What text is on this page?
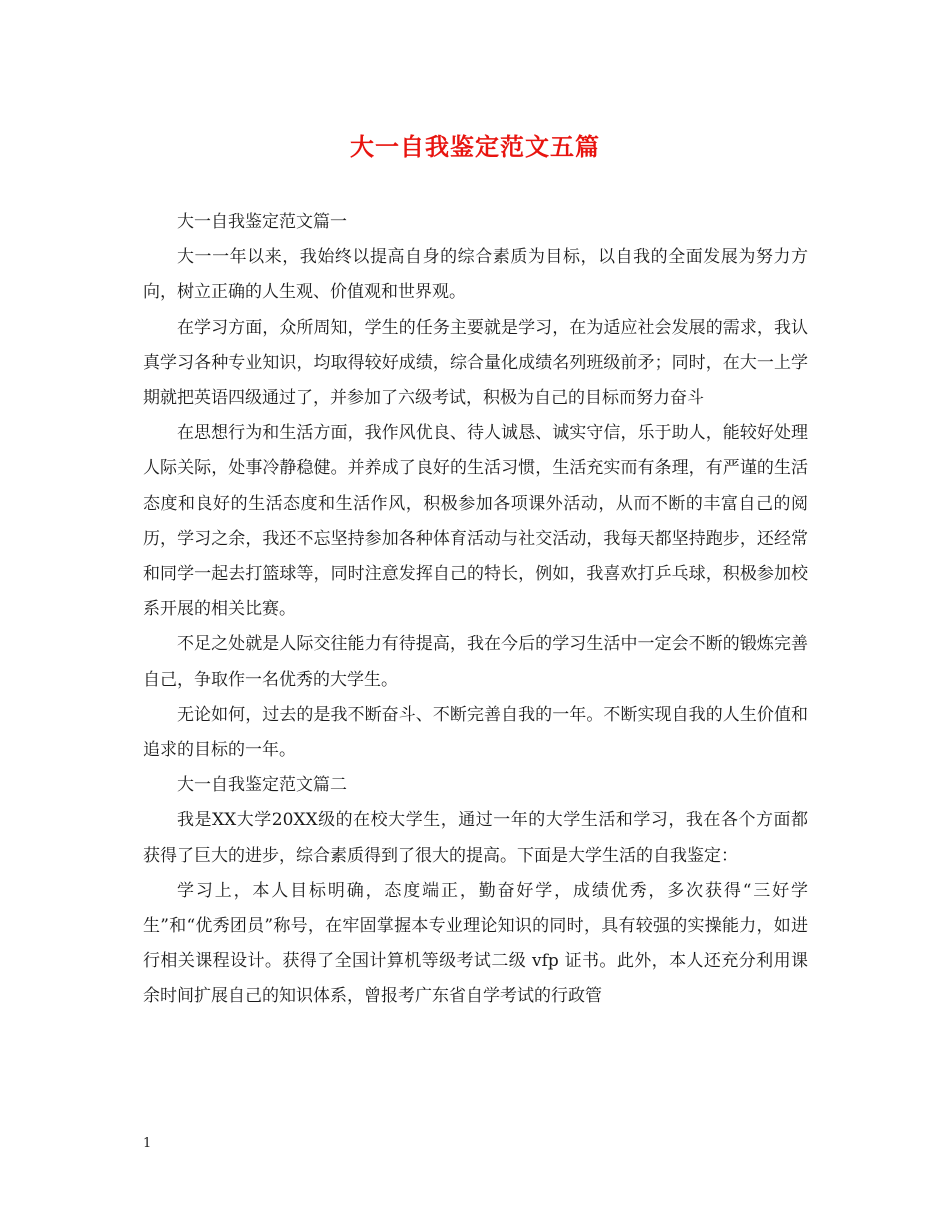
大一自我鉴定范文五篇

大一自我鉴定范文篇一

大一一年以来，我始终以提高自身的综合素质为目标，以自我的全面发展为努力方向，树立正确的人生观、价值观和世界观。

在学习方面，众所周知，学生的任务主要就是学习，在为适应社会发展的需求，我认真学习各种专业知识，均取得较好成绩，综合量化成绩名列班级前矛；同时，在大一上学期就把英语四级通过了，并参加了六级考试，积极为自己的目标而努力奋斗

在思想行为和生活方面，我作风优良、待人诚恳、诚实守信，乐于助人，能较好处理人际关际，处事冷静稳健。并养成了良好的生活习惯，生活充实而有条理，有严谨的生活态度和良好的生活态度和生活作风，积极参加各项课外活动，从而不断的丰富自己的阅历，学习之余，我还不忘坚持参加各种体育活动与社交活动，我每天都坚持跑步，还经常和同学一起去打篮球等，同时注意发挥自己的特长，例如，我喜欢打乒乓球，积极参加校系开展的相关比赛。

不足之处就是人际交往能力有待提高，我在今后的学习生活中一定会不断的锻炼完善自己，争取作一名优秀的大学生。

无论如何，过去的是我不断奋斗、不断完善自我的一年。不断实现自我的人生价值和追求的目标的一年。

大一自我鉴定范文篇二

我是XX大学20XX级的在校大学生，通过一年的大学生活和学习，我在各个方面都获得了巨大的进步，综合素质得到了很大的提高。下面是大学生活的自我鉴定：

学习上，本人目标明确，态度端正，勤奋好学，成绩优秀，多次获得“三好学生”和“优秀团员”称号，在牢固掌握本专业理论知识的同时，具有较强的实操能力，如进行相关课程设计。获得了全国计算机等级考试二级 vfp 证书。此外，本人还充分利用课余时间扩展自己的知识体系，曾报考广东省自学考试的行政管

1
